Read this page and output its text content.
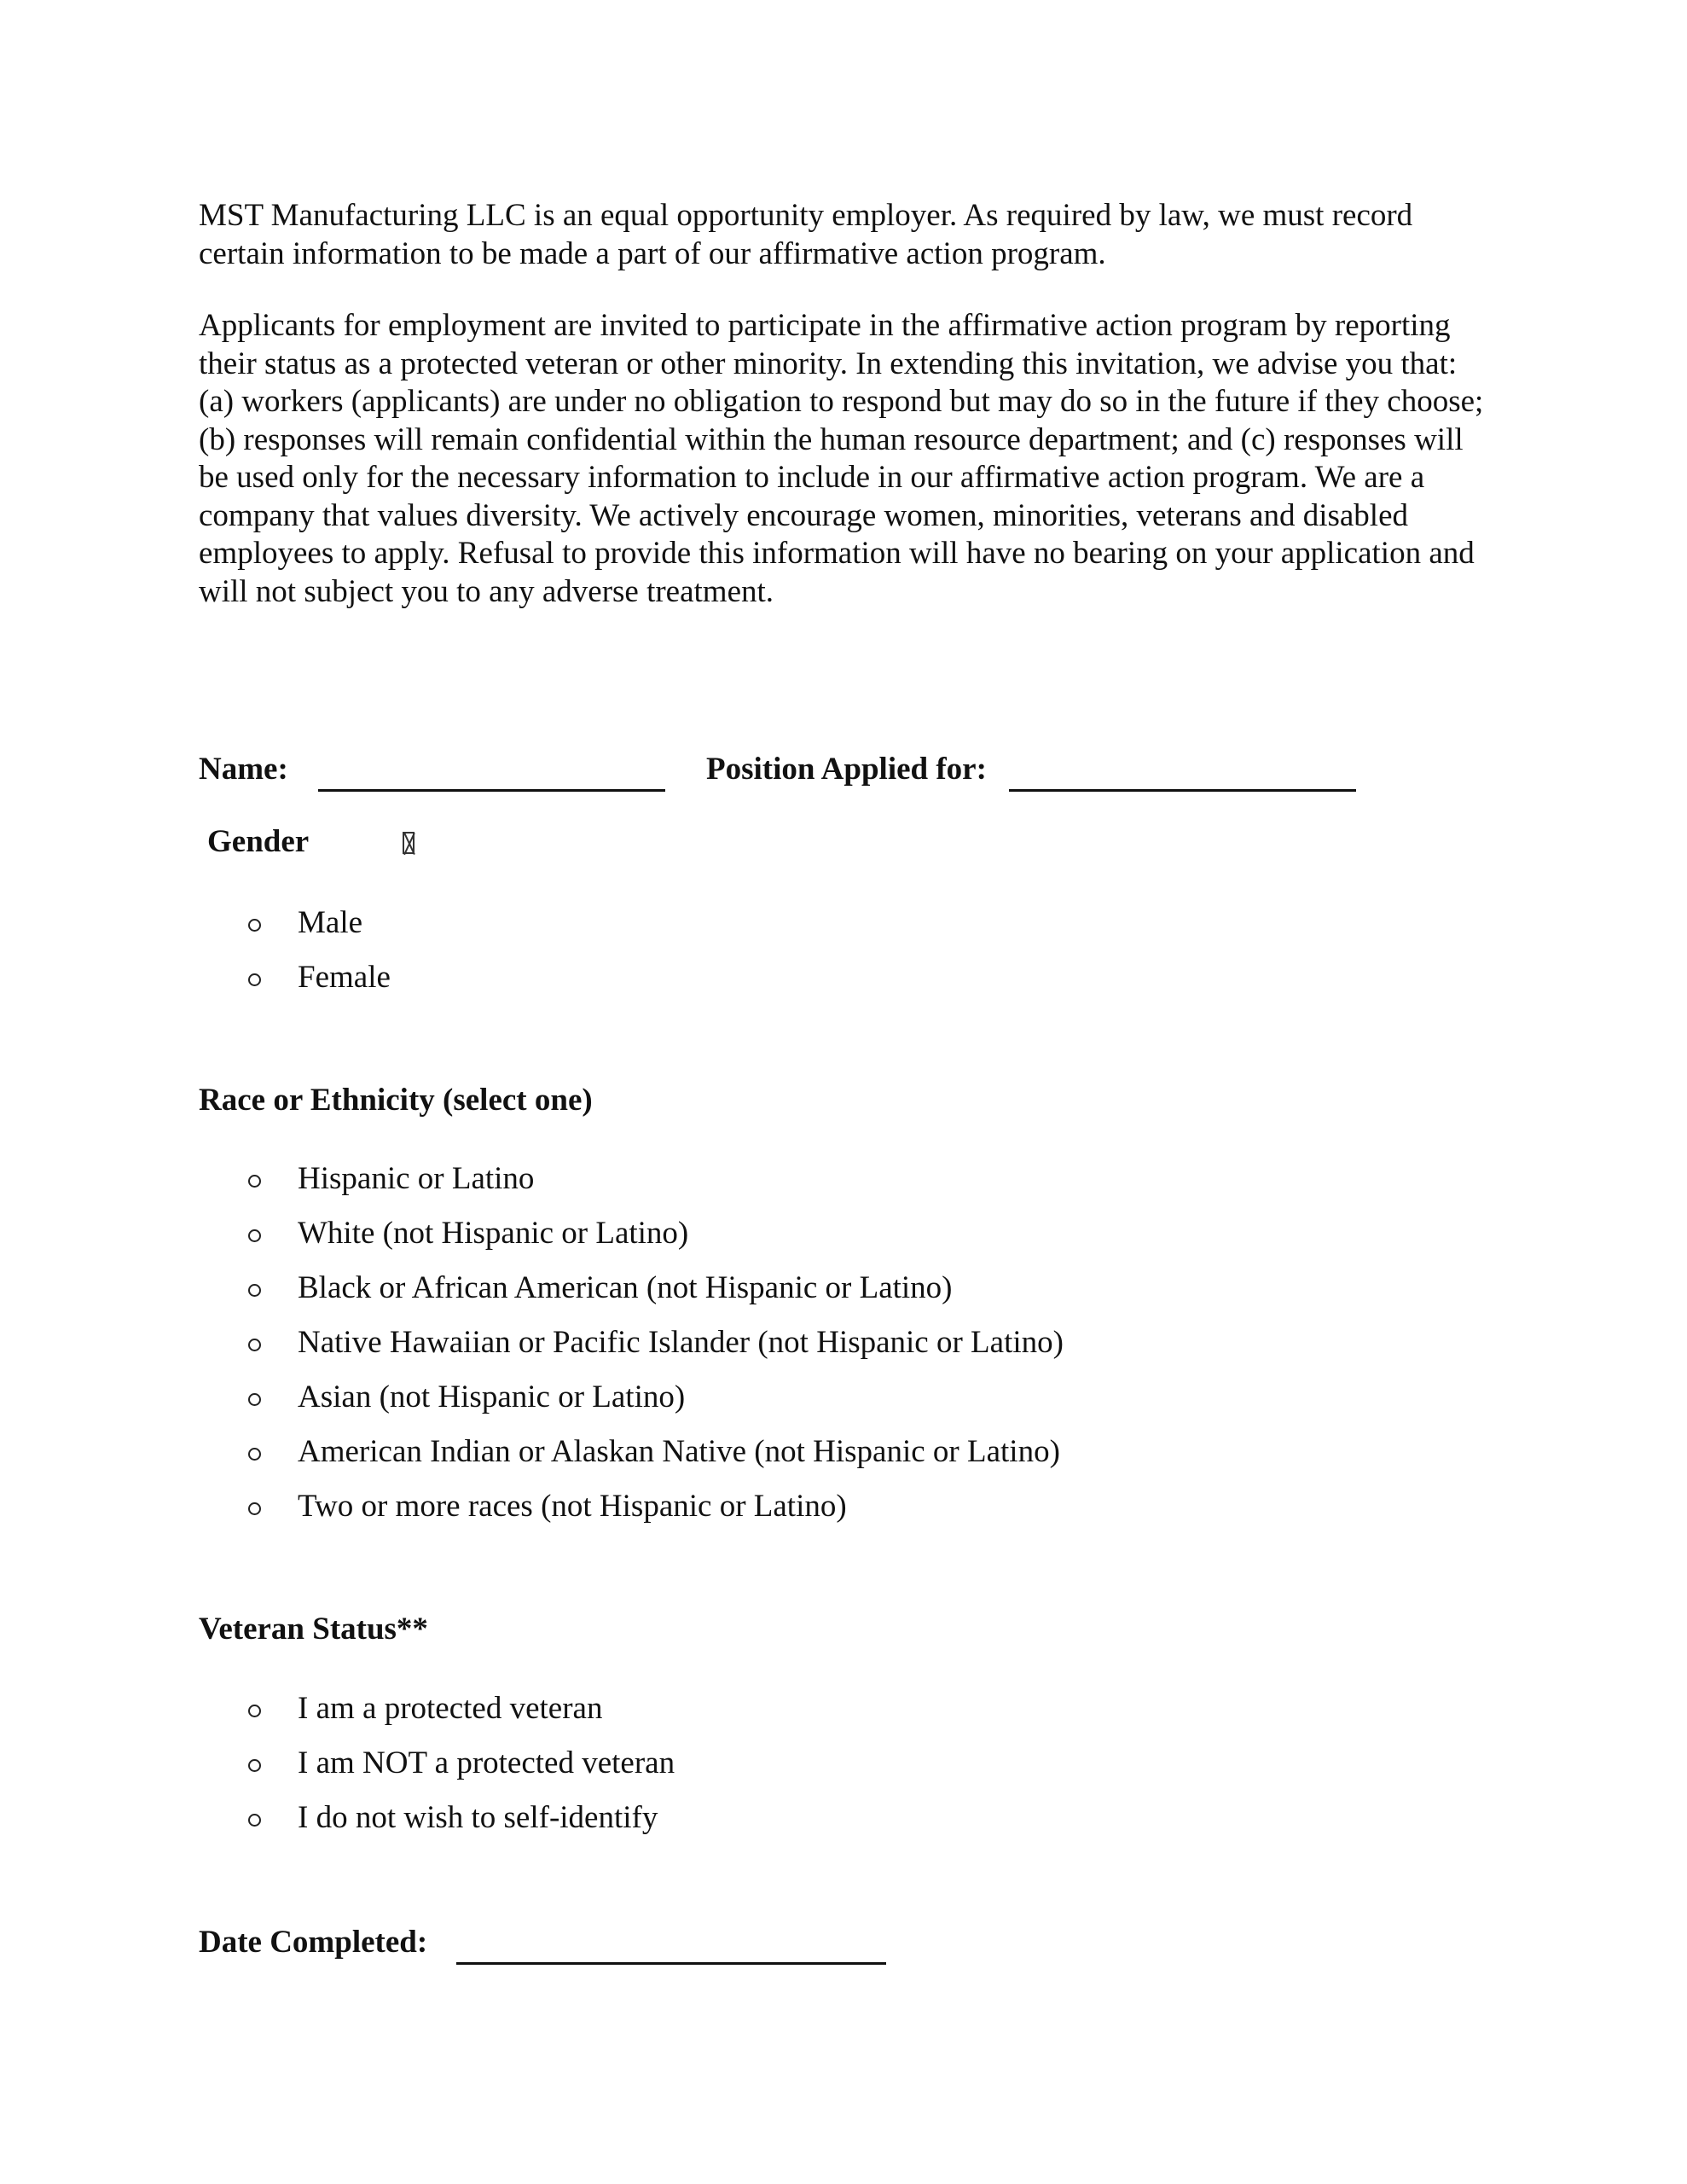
MST Manufacturing LLC is an equal opportunity employer. As required by law, we must record certain information to be made a part of our affirmative action program.

Applicants for employment are invited to participate in the affirmative action program by reporting their status as a protected veteran or other minority. In extending this invitation, we advise you that: (a) workers (applicants) are under no obligation to respond but may do so in the future if they choose; (b) responses will remain confidential within the human resource department; and (c) responses will be used only for the necessary information to include in our affirmative action program. We are a company that values diversity. We actively encourage women, minorities, veterans and disabled employees to apply. Refusal to provide this information will have no bearing on your application and will not subject you to any adverse treatment.

Name:	Position Applied for:
Gender
Male
Female
Race or Ethnicity (select one)
Hispanic or Latino
White (not Hispanic or Latino)
Black or African American (not Hispanic or Latino)
Native Hawaiian or Pacific Islander (not Hispanic or Latino)
Asian (not Hispanic or Latino)
American Indian or Alaskan Native (not Hispanic or Latino)
Two or more races (not Hispanic or Latino)
Veteran Status**
I am a protected veteran
I am NOT a protected veteran
I do not wish to self-identify
Date Completed:
